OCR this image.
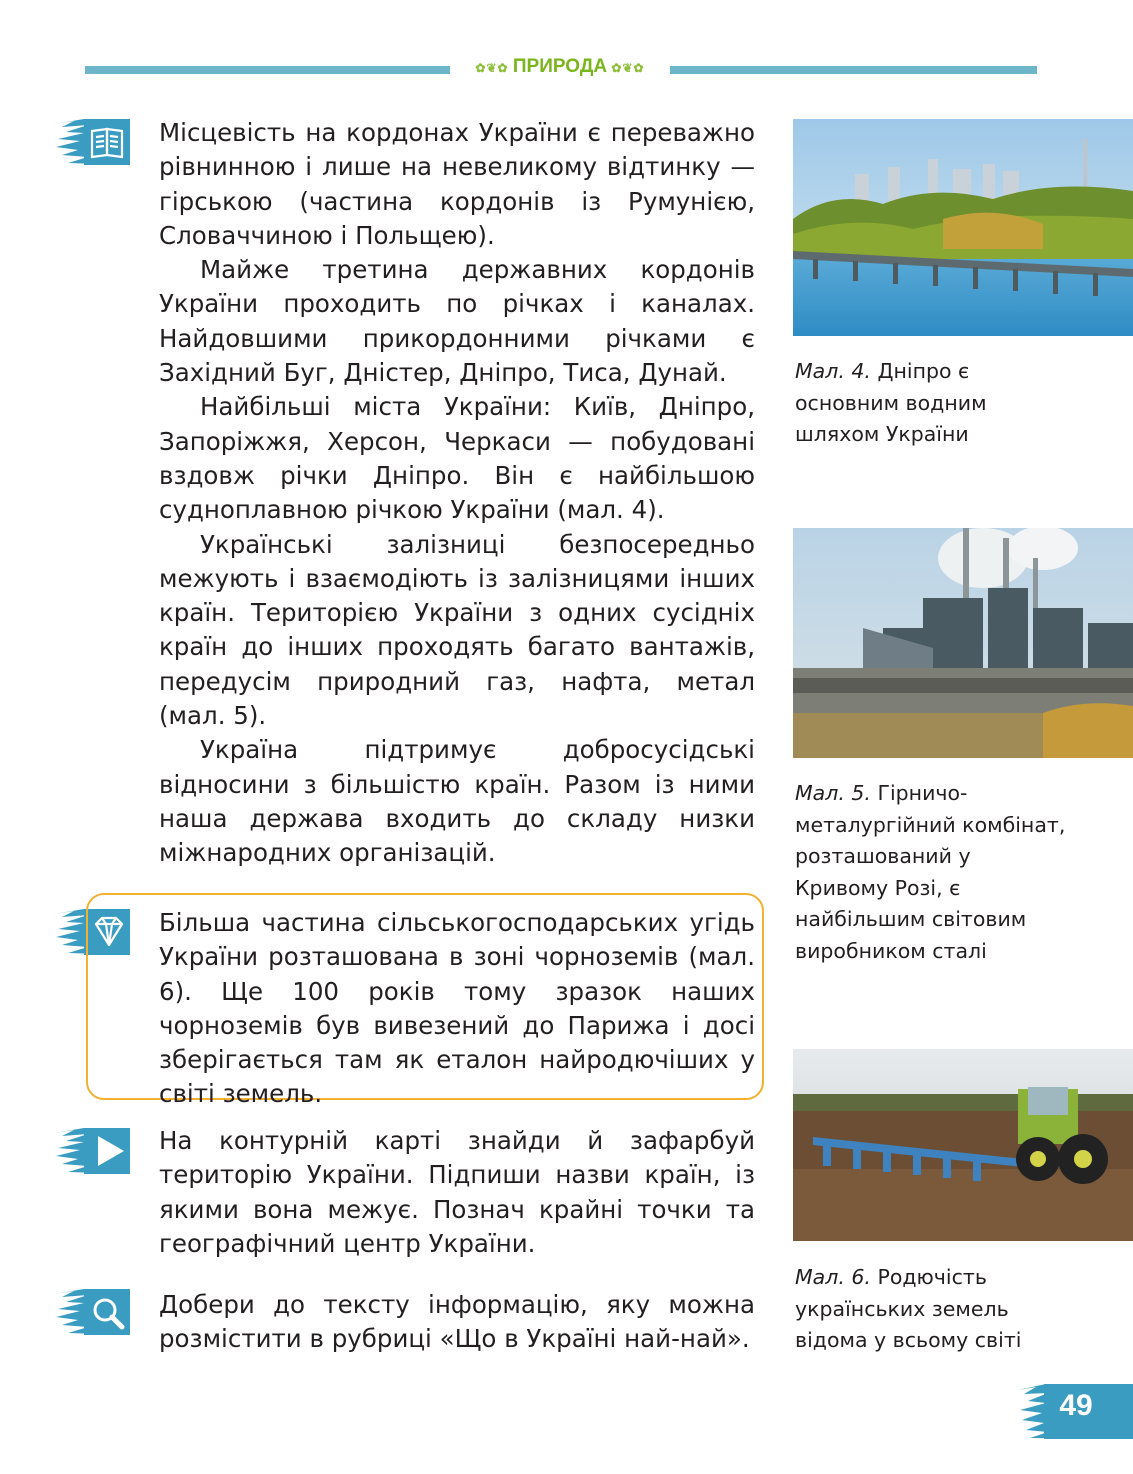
✿❦✿ ПРИРОДА ✿❦✿

Місцевість на кордонах України є переважно рівнинною і лише на невеликому відтинку — гірською (частина кордонів із Румунією, Словаччиною і Польщею).

Майже третина державних кордонів України проходить по річках і каналах. Найдовшими прикордонними річками є Західний Буг, Дністер, Дніпро, Тиса, Дунай.

Найбільші міста України: Київ, Дніпро, Запоріжжя, Херсон, Черкаси — побудовані вздовж річки Дніпро. Він є найбільшою судноплавною річкою України (мал. 4).

Українські залізниці безпосередньо межують і взаємодіють із залізницями інших країн. Територією України з одних сусідніх країн до інших проходять багато вантажів, передусім природний газ, нафта, метал (мал. 5).

Україна підтримує добросусідські відносини з більшістю країн. Разом із ними наша держава входить до складу низки міжнародних організацій.

Більша частина сільськогосподарських угідь України розташована в зоні чорноземів (мал. 6). Ще 100 років тому зразок наших чорноземів був вивезений до Парижа і досі зберігається там як еталон найродючіших у світі земель.

На контурній карті знайди й зафарбуй територію України. Підпиши назви країн, із якими вона межує. Познач крайні точки та географічний центр України.

Добери до тексту інформацію, яку можна розмістити в рубриці «Що в Україні най-най».

Мал. 4. Дніпро є основним водним шляхом України
Мал. 5. Гірничо-металургійний комбінат, розташований у Кривому Розі, є найбільшим світовим виробником сталі
Мал. 6. Родючість українських земель відома у всьому світі
49
